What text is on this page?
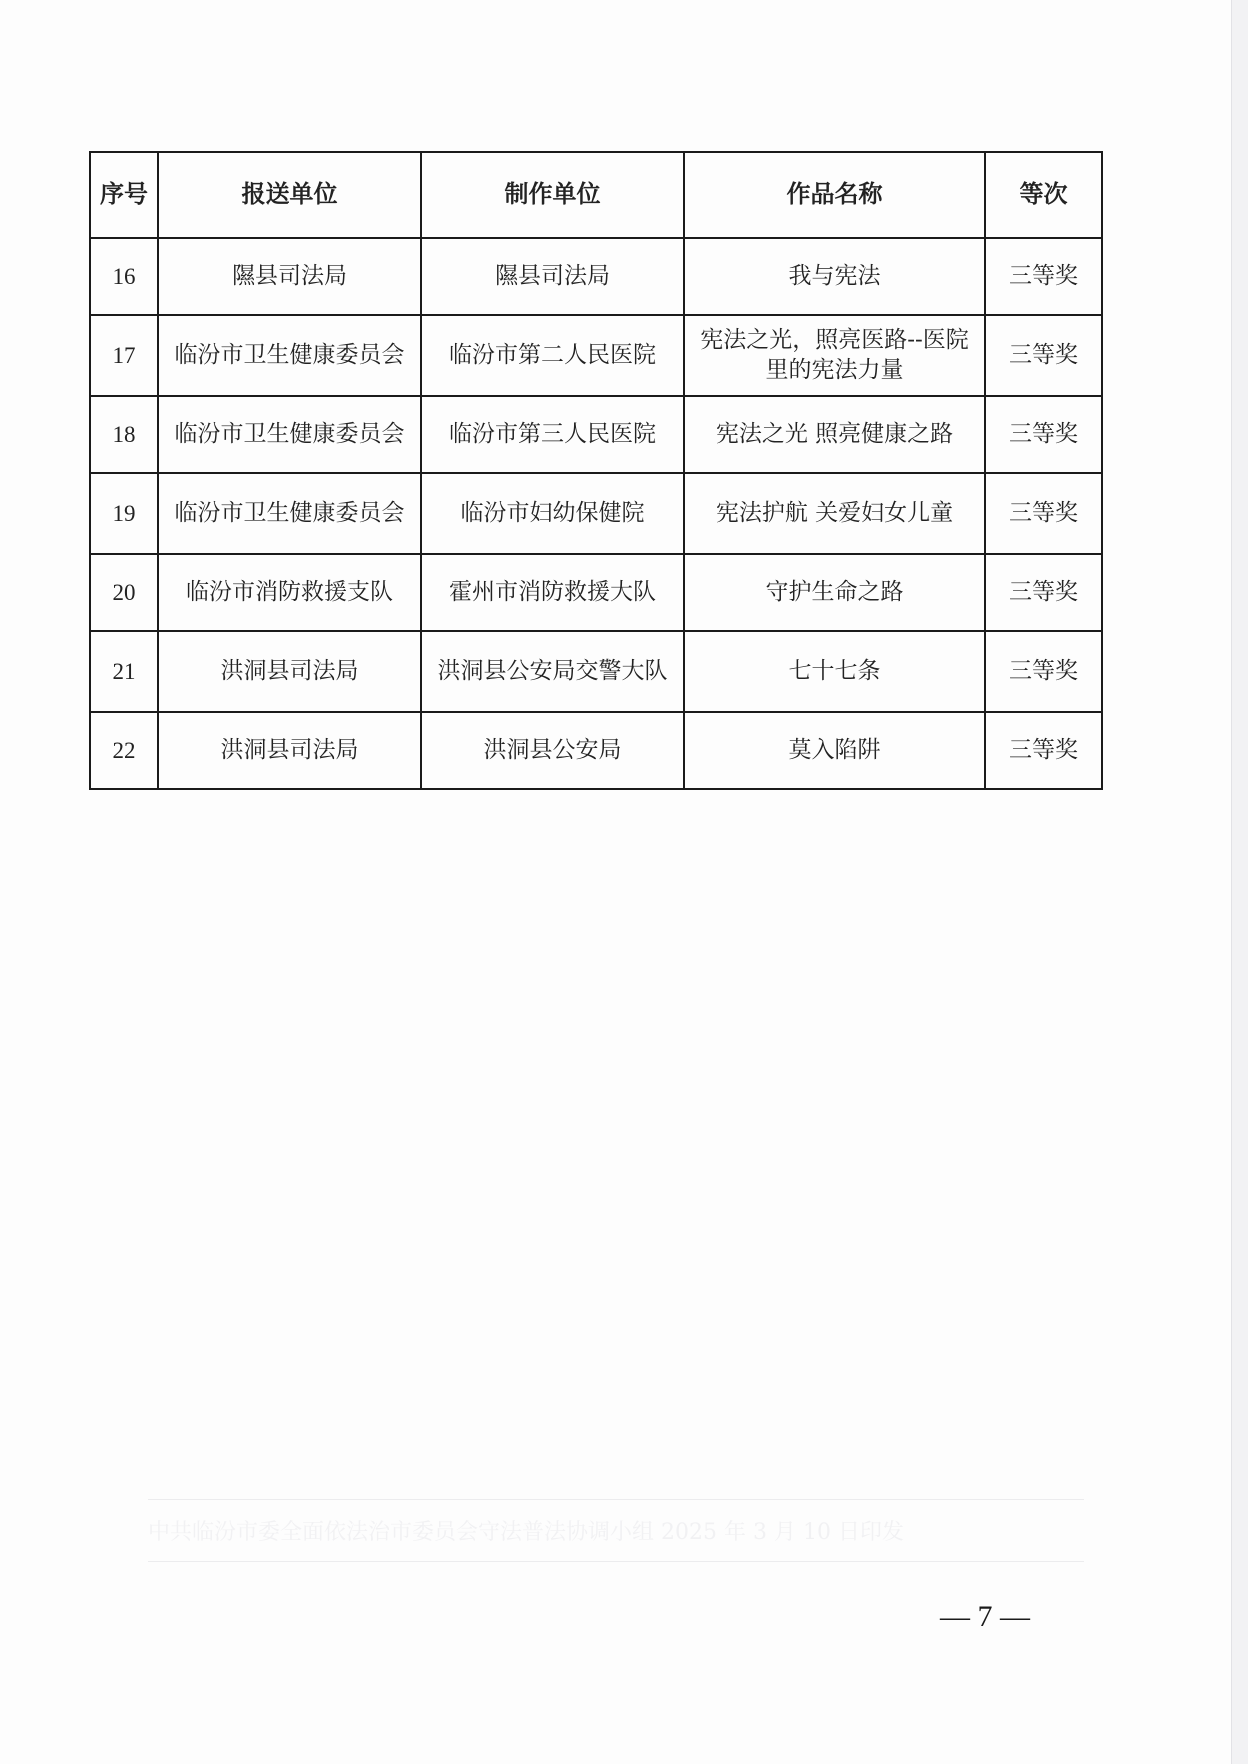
序号	报送单位	制作单位	作品名称	等次
16	隰县司法局	隰县司法局	我与宪法	三等奖
17	临汾市卫生健康委员会	临汾市第二人民医院	宪法之光，照亮医路--医院里的宪法力量	三等奖
18	临汾市卫生健康委员会	临汾市第三人民医院	宪法之光 照亮健康之路	三等奖
19	临汾市卫生健康委员会	临汾市妇幼保健院	宪法护航 关爱妇女儿童	三等奖
20	临汾市消防救援支队	霍州市消防救援大队	守护生命之路	三等奖
21	洪洞县司法局	洪洞县公安局交警大队	七十七条	三等奖
22	洪洞县司法局	洪洞县公安局	莫入陷阱	三等奖
中共临汾市委全面依法治市委员会守法普法协调小组 2025 年 3 月 10 日印发
— 7 —
